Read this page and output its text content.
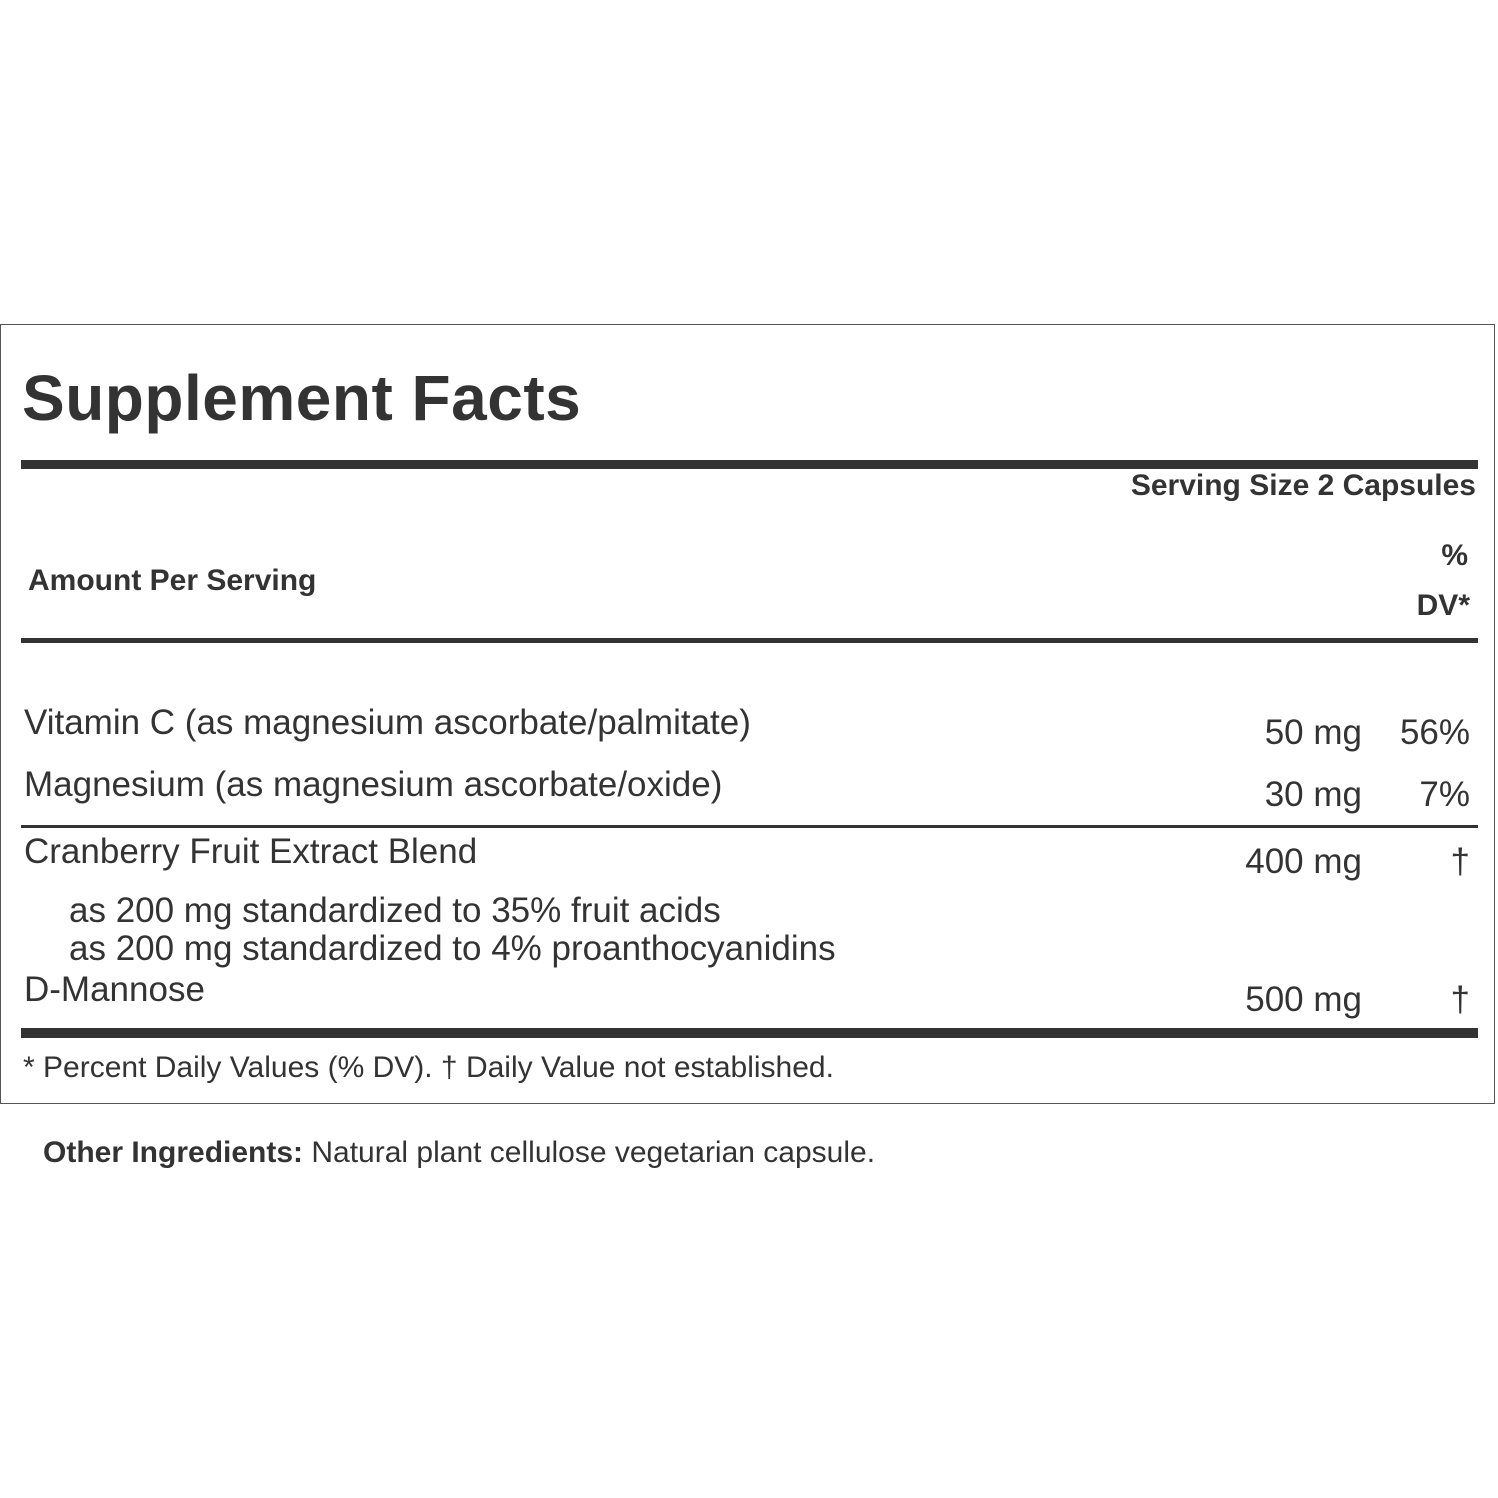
Supplement Facts
Serving Size 2 Capsules
Amount Per Serving
%
DV*
Vitamin C (as magnesium ascorbate/palmitate)	50 mg 56%
Magnesium (as magnesium ascorbate/oxide)	30 mg 7%
Cranberry Fruit Extract Blend	400 mg	†
as 200 mg standardized to 35% fruit acids
as 200 mg standardized to 4% proanthocyanidins
D-Mannose	500 mg	†
* Percent Daily Values (% DV). † Daily Value not established.
Other Ingredients: Natural plant cellulose vegetarian capsule.
